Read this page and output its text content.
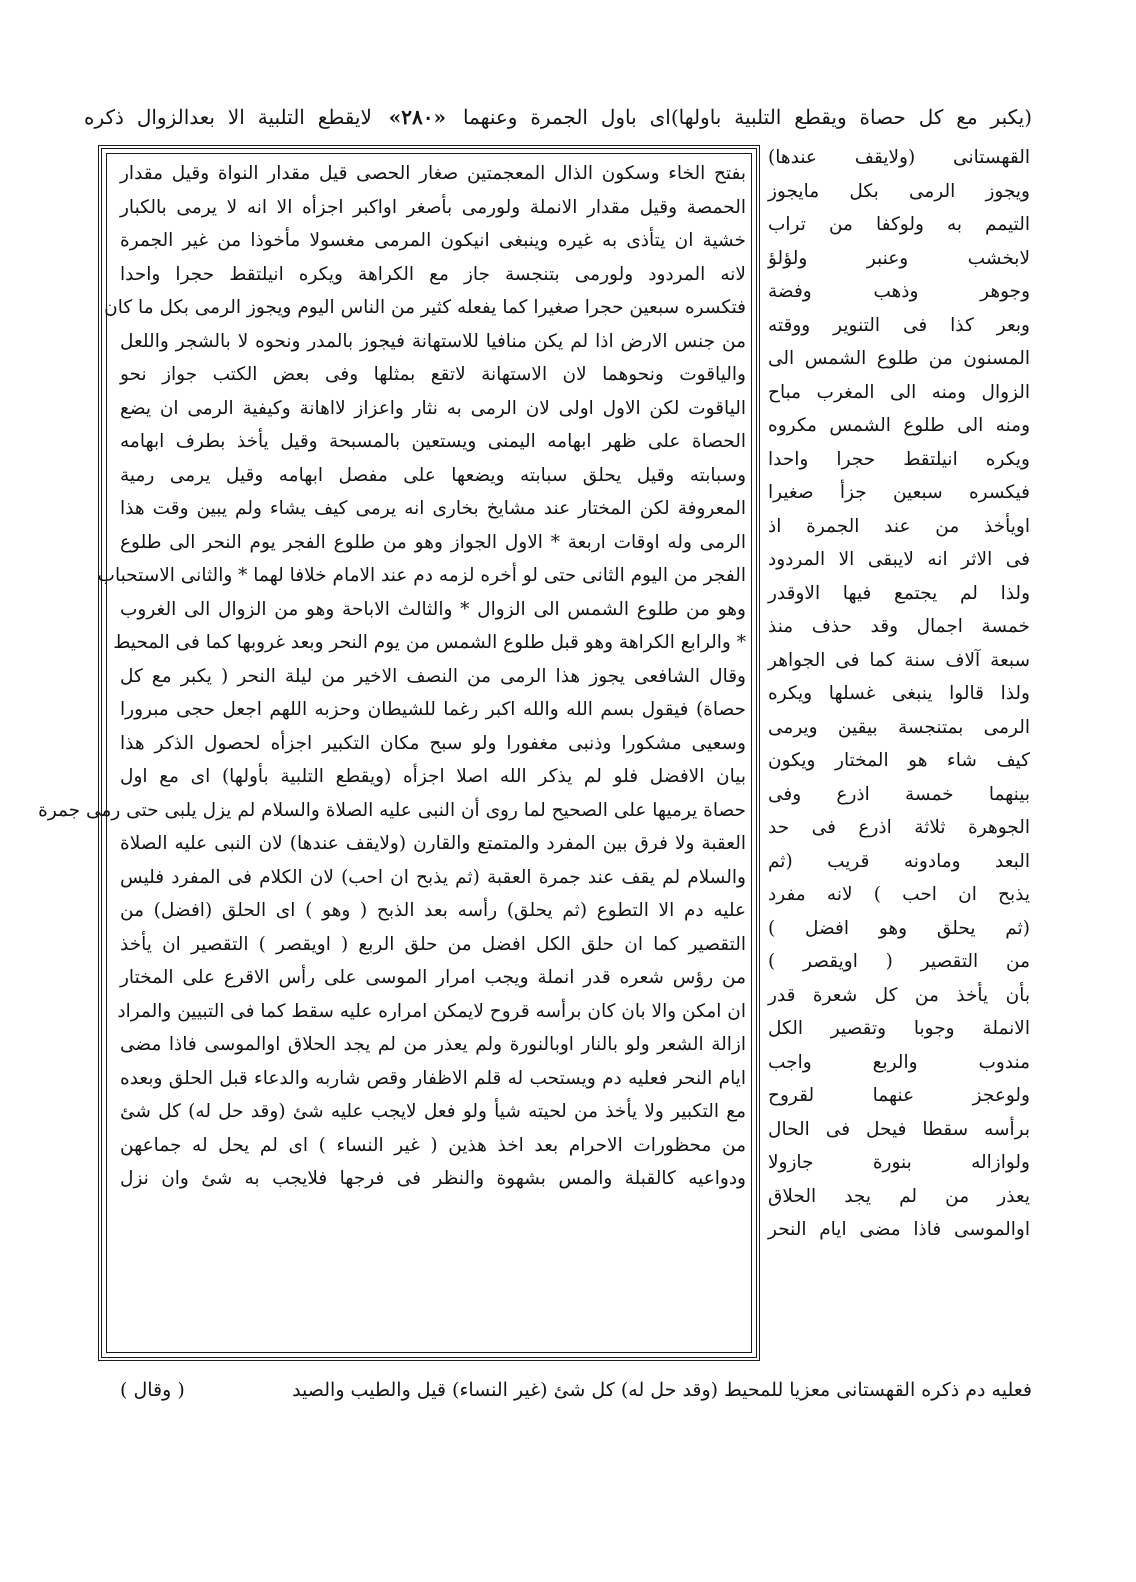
(يكبر مع كل حصاة ويقطع التلبية باولها)اى باول الجمرة وعنهما «٢٨٠» لايقطع التلبية الا بعدالزوال ذكره
بفتح الخاء وسكون الذال المعجمتين صغار الحصى قيل مقدار النواة وقيل مقدار
الحمصة وقيل مقدار الانملة ولورمى بأصغر اواكبر اجزأه الا انه لا يرمى بالكبار
خشية ان يتأذى به غيره وينبغى انيكون المرمى مغسولا مأخوذا من غير الجمرة
لانه المردود ولورمى بتنجسة جاز مع الكراهة ويكره انيلتقط حجرا واحدا
فتكسره سبعين حجرا صغيرا كما يفعله كثير من الناس اليوم ويجوز الرمى بكل ما كان
من جنس الارض اذا لم يكن منافيا للاستهانة فيجوز بالمدر ونحوه لا بالشجر واللعل
والياقوت ونحوهما لان الاستهانة لاتقع بمثلها وفى بعض الكتب جواز نحو
الياقوت لكن الاول اولى لان الرمى به نثار واعزاز لااهانة وكيفية الرمى ان يضع
الحصاة على ظهر ابهامه اليمنى ويستعين بالمسبحة وقيل يأخذ بطرف ابهامه
وسبابته وقيل يحلق سبابته ويضعها على مفصل ابهامه وقيل يرمى رمية
المعروفة لكن المختار عند مشايخ بخارى انه يرمى كيف يشاء ولم يبين وقت هذا
الرمى وله اوقات اربعة * الاول الجواز وهو من طلوع الفجر يوم النحر الى طلوع
الفجر من اليوم الثانى حتى لو أخره لزمه دم عند الامام خلافا لهما * والثانى الاستحباب
وهو من طلوع الشمس الى الزوال * والثالث الاباحة وهو من الزوال الى الغروب
* والرابع الكراهة وهو قبل طلوع الشمس من يوم النحر وبعد غروبها كما فى المحيط
وقال الشافعى يجوز هذا الرمى من النصف الاخير من ليلة النحر ( يكبر مع كل
حصاة) فيقول بسم الله والله اكبر رغما للشيطان وحزبه اللهم اجعل حجى مبرورا
وسعيى مشكورا وذنبى مغفورا ولو سبح مكان التكبير اجزأه لحصول الذكر هذا
بيان الافضل فلو لم يذكر الله اصلا اجزأه (ويقطع التلبية بأولها) اى مع اول
حصاة يرميها على الصحيح لما روى أن النبى عليه الصلاة والسلام لم يزل يلبى حتى رمى جمرة
العقبة ولا فرق بين المفرد والمتمتع والقارن (ولايقف عندها) لان النبى عليه الصلاة
والسلام لم يقف عند جمرة العقبة (ثم يذبح ان احب) لان الكلام فى المفرد فليس
عليه دم الا التطوع (ثم يحلق) رأسه بعد الذبح ( وهو ) اى الحلق (افضل) من
التقصير كما ان حلق الكل افضل من حلق الربع ( اويقصر ) التقصير ان يأخذ
من رؤس شعره قدر انملة ويجب امرار الموسى على رأس الاقرع على المختار
ان امكن والا بان كان برأسه قروح لايمكن امراره عليه سقط كما فى التبيين والمراد
ازالة الشعر ولو بالنار اوبالنورة ولم يعذر من لم يجد الحلاق اوالموسى فاذا مضى
ايام النحر فعليه دم ويستحب له قلم الاظفار وقص شاربه والدعاء قبل الحلق وبعده
مع التكبير ولا يأخذ من لحيته شيأ ولو فعل لايجب عليه شئ (وقد حل له) كل شئ
من محظورات الاحرام بعد اخذ هذين ( غير النساء ) اى لم يحل له جماعهن
ودواعيه كالقبلة والمس بشهوة والنظر فى فرجها فلايجب به شئ وان نزل
القهستانى (ولايقف عندها)
ويجوز الرمى بكل مايجوز
التيمم به ولوكفا من تراب
لابخشب وعنبر ولؤلؤ
وجوهر وذهب وفضة
وبعر كذا فى التنوير ووقته
المسنون من طلوع الشمس الى
الزوال ومنه الى المغرب مباح
ومنه الى طلوع الشمس مكروه
ويكره انيلتقط حجرا واحدا
فيكسره سبعين جزأ صغيرا
اويأخذ من عند الجمرة اذ
فى الاثر انه لايبقى الا المردود
ولذا لم يجتمع فيها الاوقدر
خمسة اجمال وقد حذف منذ
سبعة آلاف سنة كما فى الجواهر
ولذا قالوا ينبغى غسلها ويكره
الرمى بمتنجسة بيقين ويرمى
كيف شاء هو المختار ويكون
بينهما خمسة اذرع وفى
الجوهرة ثلاثة اذرع فى حد
البعد ومادونه قريب (ثم
يذبح ان احب ) لانه مفرد
(ثم يحلق وهو افضل )
من التقصير ( اويقصر )
بأن يأخذ من كل شعرة قدر
الانملة وجوبا وتقصير الكل
مندوب والربع واجب
ولوعجز عنهما لقروح
برأسه سقطا فيحل فى الحال
ولوازاله بنورة جازولا
يعذر من لم يجد الحلاق
اوالموسى فاذا مضى ايام النحر
فعليه دم ذكره القهستانى معزيا للمحيط (وقد حل له) كل شئ (غير النساء) قيل والطيب والصيد
( وقال )
